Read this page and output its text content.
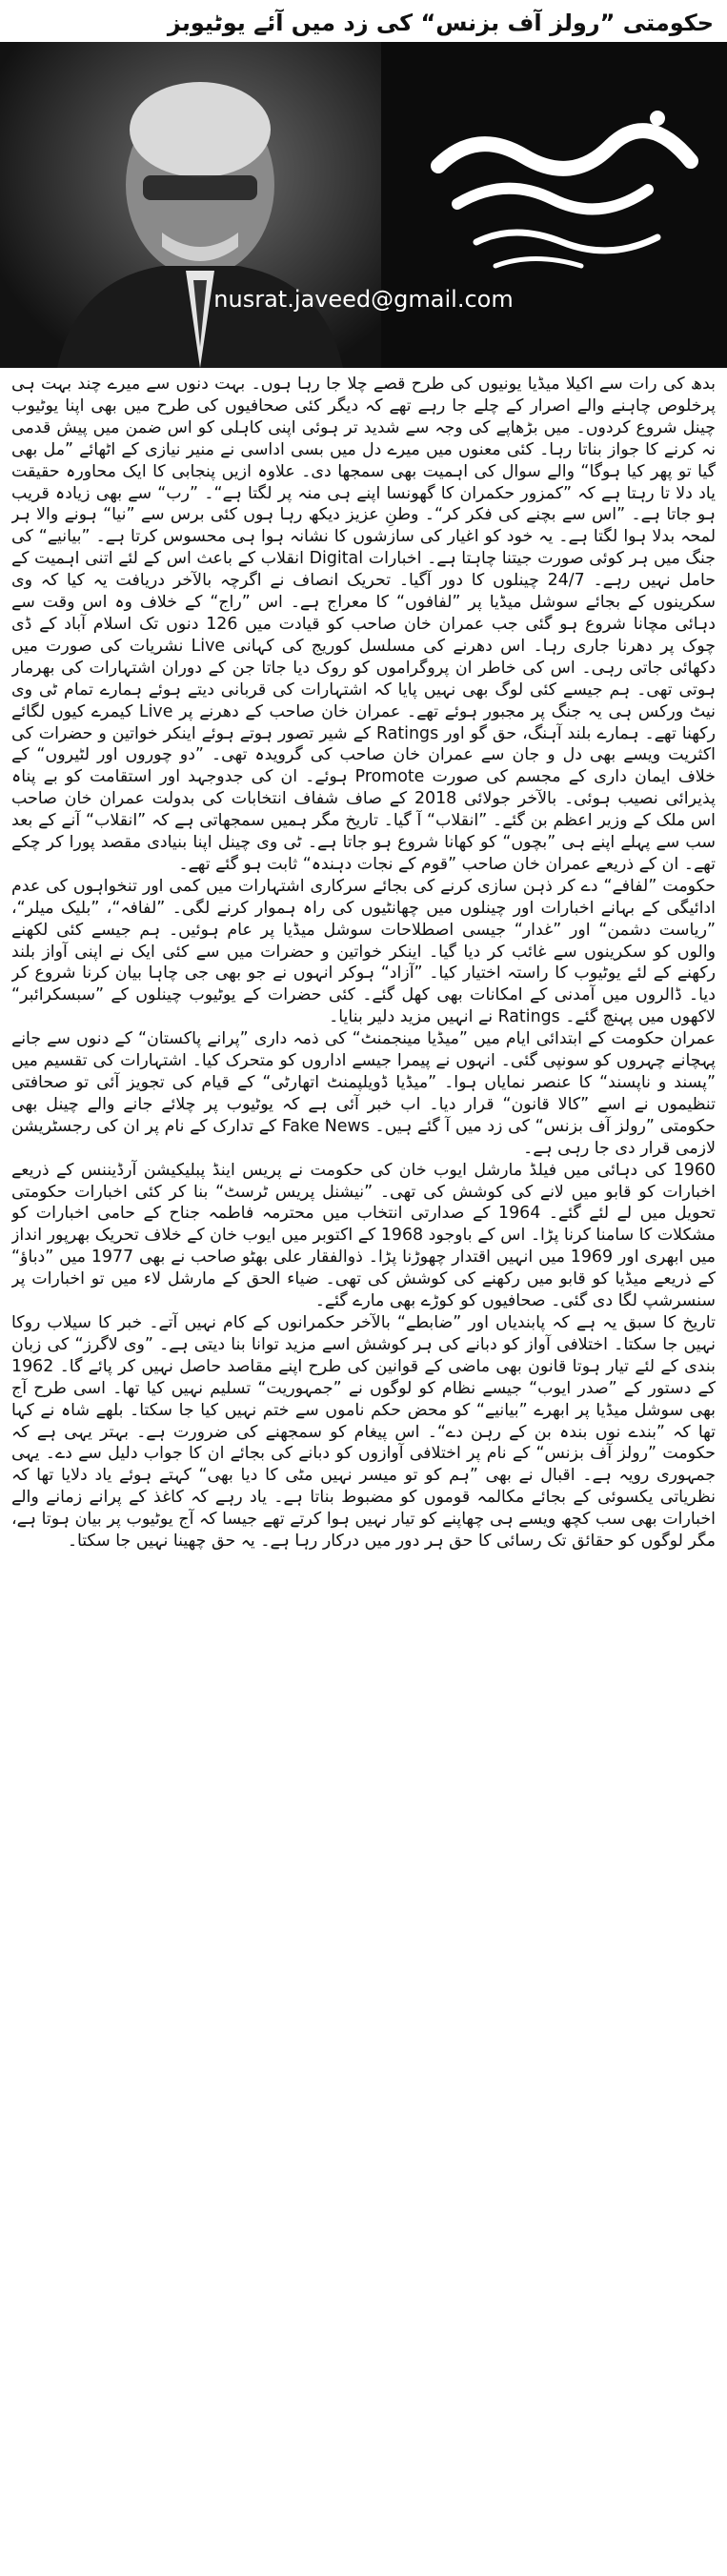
حکومتی ”رولز آف بزنس“ کی زد میں آئے یوٹیوبز
nusrat.javeed@gmail.com

بدھ کی رات سے اکیلا میڈیا یونیوں کی طرح قصے چلا جا رہا ہوں۔ بہت دنوں سے میرے چند بہت ہی پرخلوص چاہنے والے اصرار کے چلے جا رہے تھے کہ دیگر کئی صحافیوں کی طرح میں بھی اپنا یوٹیوب چینل شروع کردوں۔ میں بڑھاپے کی وجہ سے شدید تر ہوئی اپنی کاہلی کو اس ضمن میں پیش قدمی نہ کرنے کا جواز بناتا رہا۔ کئی معنوں میں میرے دل میں بسی اداسی نے منیر نیازی کے اٹھائے ”مل بھی گیا تو پھر کیا ہوگا“ والے سوال کی اہمیت بھی سمجھا دی۔ علاوہ ازیں پنجابی کا ایک محاورہ حقیقت یاد دلا تا رہتا ہے کہ ”کمزور حکمران کا گھونسا اپنے ہی منہ پر لگتا ہے“۔ ”رب“ سے بھی زیادہ قریب ہو جاتا ہے۔ ”اس سے بچنے کی فکر کر“۔ وطنِ عزیز دیکھ رہا ہوں کئی برس سے ”نیا“ ہونے والا ہر لمحہ بدلا ہوا لگتا ہے۔ یہ خود کو اغیار کی سازشوں کا نشانہ ہوا ہی محسوس کرتا ہے۔ ”بیانیے“ کی جنگ میں ہر کوئی صورت جیتنا چاہتا ہے۔ اخبارات Digital انقلاب کے باعث اس کے لئے اتنی اہمیت کے حامل نہیں رہے۔ 24/7 چینلوں کا دور آگیا۔ تحریک انصاف نے اگرچہ بالآخر دریافت یہ کیا کہ وی سکرینوں کے بجائے سوشل میڈیا پر ”لفافوں“ کا معراج ہے۔ اس ”راج“ کے خلاف وہ اس وقت سے دہائی مچانا شروع ہو گئی جب عمران خان صاحب کو قیادت میں 126 دنوں تک اسلام آباد کے ڈی چوک پر دھرنا جاری رہا۔ اس دھرنے کی مسلسل کوریج کی کہانی Live نشریات کی صورت میں دکھائی جاتی رہی۔ اس کی خاطر ان پروگراموں کو روک دیا جاتا جن کے دوران اشتہارات کی بھرمار ہوتی تھی۔ ہم جیسے کئی لوگ بھی نہیں پایا کہ اشتہارات کی قربانی دیتے ہوئے ہمارے تمام ٹی وی نیٹ ورکس ہی یہ جنگ پر مجبور ہوئے تھے۔ عمران خان صاحب کے دھرنے پر Live کیمرے کیوں لگائے رکھنا تھے۔ ہمارے بلند آہنگ، حق گو اور Ratings کے شیر تصور ہوتے ہوئے اینکر خواتین و حضرات کی اکثریت ویسے بھی دل و جان سے عمران خان صاحب کی گرویدہ تھی۔ ”دو چوروں اور لٹیروں“ کے خلاف ایمان داری کے مجسم کی صورت Promote ہوئے۔ ان کی جدوجہد اور استقامت کو بے پناہ پذیرائی نصیب ہوئی۔ بالآخر جولائی 2018 کے صاف شفاف انتخابات کی بدولت عمران خان صاحب اس ملک کے وزیر اعظم بن گئے۔ ”انقلاب“ آ گیا۔ تاریخ مگر ہمیں سمجھاتی ہے کہ ”انقلاب“ آنے کے بعد سب سے پہلے اپنے ہی ”بچوں“ کو کھانا شروع ہو جاتا ہے۔ ٹی وی چینل اپنا بنیادی مقصد پورا کر چکے تھے۔ ان کے ذریعے عمران خان صاحب ”قوم کے نجات دہندہ“ ثابت ہو گئے تھے۔

حکومت ”لفافے“ دے کر ذہن سازی کرنے کی بجائے سرکاری اشتہارات میں کمی اور تنخواہوں کی عدم ادائیگی کے بہانے اخبارات اور چینلوں میں چھانٹیوں کی راہ ہموار کرنے لگی۔ ”لفافہ“، ”بلیک میلر“، ”ریاست دشمن“ اور ”غدار“ جیسی اصطلاحات سوشل میڈیا پر عام ہوئیں۔ ہم جیسے کئی لکھنے والوں کو سکرینوں سے غائب کر دیا گیا۔ اینکر خواتین و حضرات میں سے کئی ایک نے اپنی آواز بلند رکھنے کے لئے یوٹیوب کا راستہ اختیار کیا۔ ”آزاد“ ہوکر انہوں نے جو بھی جی چاہا بیان کرنا شروع کر دیا۔ ڈالروں میں آمدنی کے امکانات بھی کھل گئے۔ کئی حضرات کے یوٹیوب چینلوں کے ”سبسکرائبر“ لاکھوں میں پہنچ گئے۔ Ratings نے انہیں مزید دلیر بنایا۔

عمران حکومت کے ابتدائی ایام میں ”میڈیا مینجمنٹ“ کی ذمہ داری ”پرانے پاکستان“ کے دنوں سے جانے پہچانے چہروں کو سونپی گئی۔ انہوں نے پیمرا جیسے اداروں کو متحرک کیا۔ اشتہارات کی تقسیم میں ”پسند و ناپسند“ کا عنصر نمایاں ہوا۔ ”میڈیا ڈویلپمنٹ اتھارٹی“ کے قیام کی تجویز آئی تو صحافتی تنظیموں نے اسے ”کالا قانون“ قرار دیا۔ اب خبر آئی ہے کہ یوٹیوب پر چلائے جانے والے چینل بھی حکومتی ”رولز آف بزنس“ کی زد میں آ گئے ہیں۔ Fake News کے تدارک کے نام پر ان کی رجسٹریشن لازمی قرار دی جا رہی ہے۔

1960 کی دہائی میں فیلڈ مارشل ایوب خان کی حکومت نے پریس اینڈ پبلیکیشن آرڈیننس کے ذریعے اخبارات کو قابو میں لانے کی کوشش کی تھی۔ ”نیشنل پریس ٹرسٹ“ بنا کر کئی اخبارات حکومتی تحویل میں لے لئے گئے۔ 1964 کے صدارتی انتخاب میں محترمہ فاطمہ جناح کے حامی اخبارات کو مشکلات کا سامنا کرنا پڑا۔ اس کے باوجود 1968 کے اکتوبر میں ایوب خان کے خلاف تحریک بھرپور انداز میں ابھری اور 1969 میں انہیں اقتدار چھوڑنا پڑا۔ ذوالفقار علی بھٹو صاحب نے بھی 1977 میں ”دباؤ“ کے ذریعے میڈیا کو قابو میں رکھنے کی کوشش کی تھی۔ ضیاء الحق کے مارشل لاء میں تو اخبارات پر سنسرشپ لگا دی گئی۔ صحافیوں کو کوڑے بھی مارے گئے۔

تاریخ کا سبق یہ ہے کہ پابندیاں اور ”ضابطے“ بالآخر حکمرانوں کے کام نہیں آتے۔ خبر کا سیلاب روکا نہیں جا سکتا۔ اختلافی آواز کو دبانے کی ہر کوشش اسے مزید توانا بنا دیتی ہے۔ ”وی لاگرز“ کی زبان بندی کے لئے تیار ہوتا قانون بھی ماضی کے قوانین کی طرح اپنے مقاصد حاصل نہیں کر پائے گا۔ 1962 کے دستور کے ”صدر ایوب“ جیسے نظام کو لوگوں نے ”جمہوریت“ تسلیم نہیں کیا تھا۔ اسی طرح آج بھی سوشل میڈیا پر ابھرے ”بیانیے“ کو محض حکم ناموں سے ختم نہیں کیا جا سکتا۔ بلھے شاہ نے کہا تھا کہ ”بندے نوں بندہ بن کے رہن دے“۔ اس پیغام کو سمجھنے کی ضرورت ہے۔ بہتر یہی ہے کہ حکومت ”رولز آف بزنس“ کے نام پر اختلافی آوازوں کو دبانے کی بجائے ان کا جواب دلیل سے دے۔ یہی جمہوری رویہ ہے۔ اقبال نے بھی ”ہم کو تو میسر نہیں مٹی کا دیا بھی“ کہتے ہوئے یاد دلایا تھا کہ نظریاتی یکسوئی کے بجائے مکالمہ قوموں کو مضبوط بناتا ہے۔ یاد رہے کہ کاغذ کے پرانے زمانے والے اخبارات بھی سب کچھ ویسے ہی چھاپنے کو تیار نہیں ہوا کرتے تھے جیسا کہ آج یوٹیوب پر بیان ہوتا ہے، مگر لوگوں کو حقائق تک رسائی کا حق ہر دور میں درکار رہا ہے۔ یہ حق چھینا نہیں جا سکتا۔
